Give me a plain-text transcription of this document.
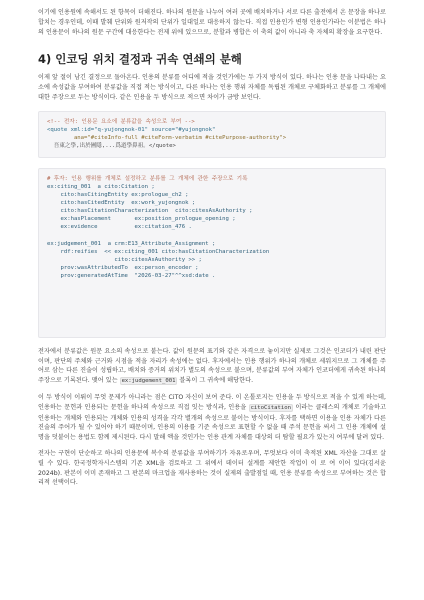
이기에 인용원에 속해서도 된 항목이 더해진다. 하나의 원문을 나누어 여러 곳에 배치하거나 서로 다른 출전에서 온 문장을 하나로 합치는 경우인데, 이때 발췌 단위와 원저작의 단위가 일대일로 대응하지 않는다. 직접 인용인가 변형 인용인가라는 이분법은 하나의 인용문이 하나의 원문 구간에 대응한다는 전제 위에 있으므로, 분할과 병합은 이 축의 값이 아니라 축 자체의 확장을 요구한다.

4) 인코딩 위치 결정과 귀속 연쇄의 분해

이제 앞 절이 남긴 결정으로 돌아온다. 인용의 분류를 어디에 적을 것인가에는 두 가지 방식이 있다. 하나는 인용 문을 나타내는 요소에 속성값을 부여하여 분류값을 직접 적는 방식이고, 다른 하나는 인용 행위 자체를 독립된 개체로 구체화하고 분류를 그 개체에 대한 주장으로 두는 방식이다. 같은 인용을 두 방식으로 적으면 차이가 금방 보인다.

<!-- 전자: 인용문 요소에 분류값을 속성으로 부여 -->
<quote xml:id="q-yujongnok-01" source="#yujongnok"
ana="#citeInfo-full #citeForm-verbatim #citePurpose-authority">
吾東之學,出於圃隱,...爲道學鼻祖。</quote>
# 후자: 인용 행위를 개체로 설정하고 분류를 그 개체에 관한 주장으로 기록
ex:citing_001  a cito:Citation ;
cito:hasCitingEntity ex:prologue_ch2 ;
cito:hasCitedEntity  ex:work_yujongnok ;
cito:hasCitationCharacterization  cito:citesAsAuthority ;
ex:hasPlacement       ex:position_prologue_opening ;
ex:evidence           ex:citation_476 .
ex:judgement_001  a crm:E13_Attribute_Assignment ;
rdf:reifies  << ex:citing_001 cito:hasCitationCharacterization
cito:citesAsAuthority >> ;
prov:wasAttributedTo  ex:person_encoder ;
prov:generatedAtTime  "2026-03-27"^^xsd:date .

전자에서 분류값은 원문 요소의 속성으로 붙는다. 값이 원문의 표기와 같은 자격으로 놓이지만 실제로 그것은 인코더가 내린 판단이며, 판단의 주체와 근거와 시점을 적을 자리가 속성에는 없다. 후자에서는 인용 행위가 하나의 개체로 세워지므로 그 개체를 주어로 삼는 다른 진술이 성립하고, 배치와 증거의 위치가 별도의 속성으로 붙으며, 분류값의 부여 자체가 인코더에게 귀속된 하나의 주장으로 기록된다. 맺어 있는 ex:judgement_001 블록이 그 귀속에 해당한다.

이 두 방식이 이뤄이 무엇 문제가 아니라는 점은 CiTO 자신이 보여 준다. 이 온톨로지는 인용을 두 방식으로 적을 수 있게 하는데, 인용하는 문헌과 인용되는 문헌을 하나의 속성으로 직접 잇는 방식과, 인용을 citoCitation 이라는 클래스의 개체로 기술하고 인용하는 개체와 인용되는 개체와 인용의 성격을 각각 별개의 속성으로 붙이는 방식이다. 후자를 택하면 이용을 인용 자체가 다른 진술의 주어가 될 수 있어야 하기 때문이며, 인용의 이용률 기준 속성으로 표현할 수 없을 때 주석 문헌을 써서 그 인용 개체에 설명을 덧붙이는 용법도 함께 제시된다. 다시 말해 액을 것인가는 인용 관계 자체를 대상의 더 탐할 필요가 있는지 여부에 달려 있다.

전자는 구현이 단순하고 하나의 인용문에 복수의 분류값을 부여하기가 자유로우며, 무엇보다 이미 축적된 XML 자산을 그대로 살릴 수 있다. 한국정학자시스템의 기존 XML을 검토하고 그 위에서 데이터 설계를 제안한 작업이 이 로 여 이어 있다(김서윤 2024b). 판본이 이미 존재하고 그 판본의 마크업을 재사용하는 것이 실제의 출발점일 때, 인용 분류를 속성으로 부여하는 것은 합리적 선택이다.
